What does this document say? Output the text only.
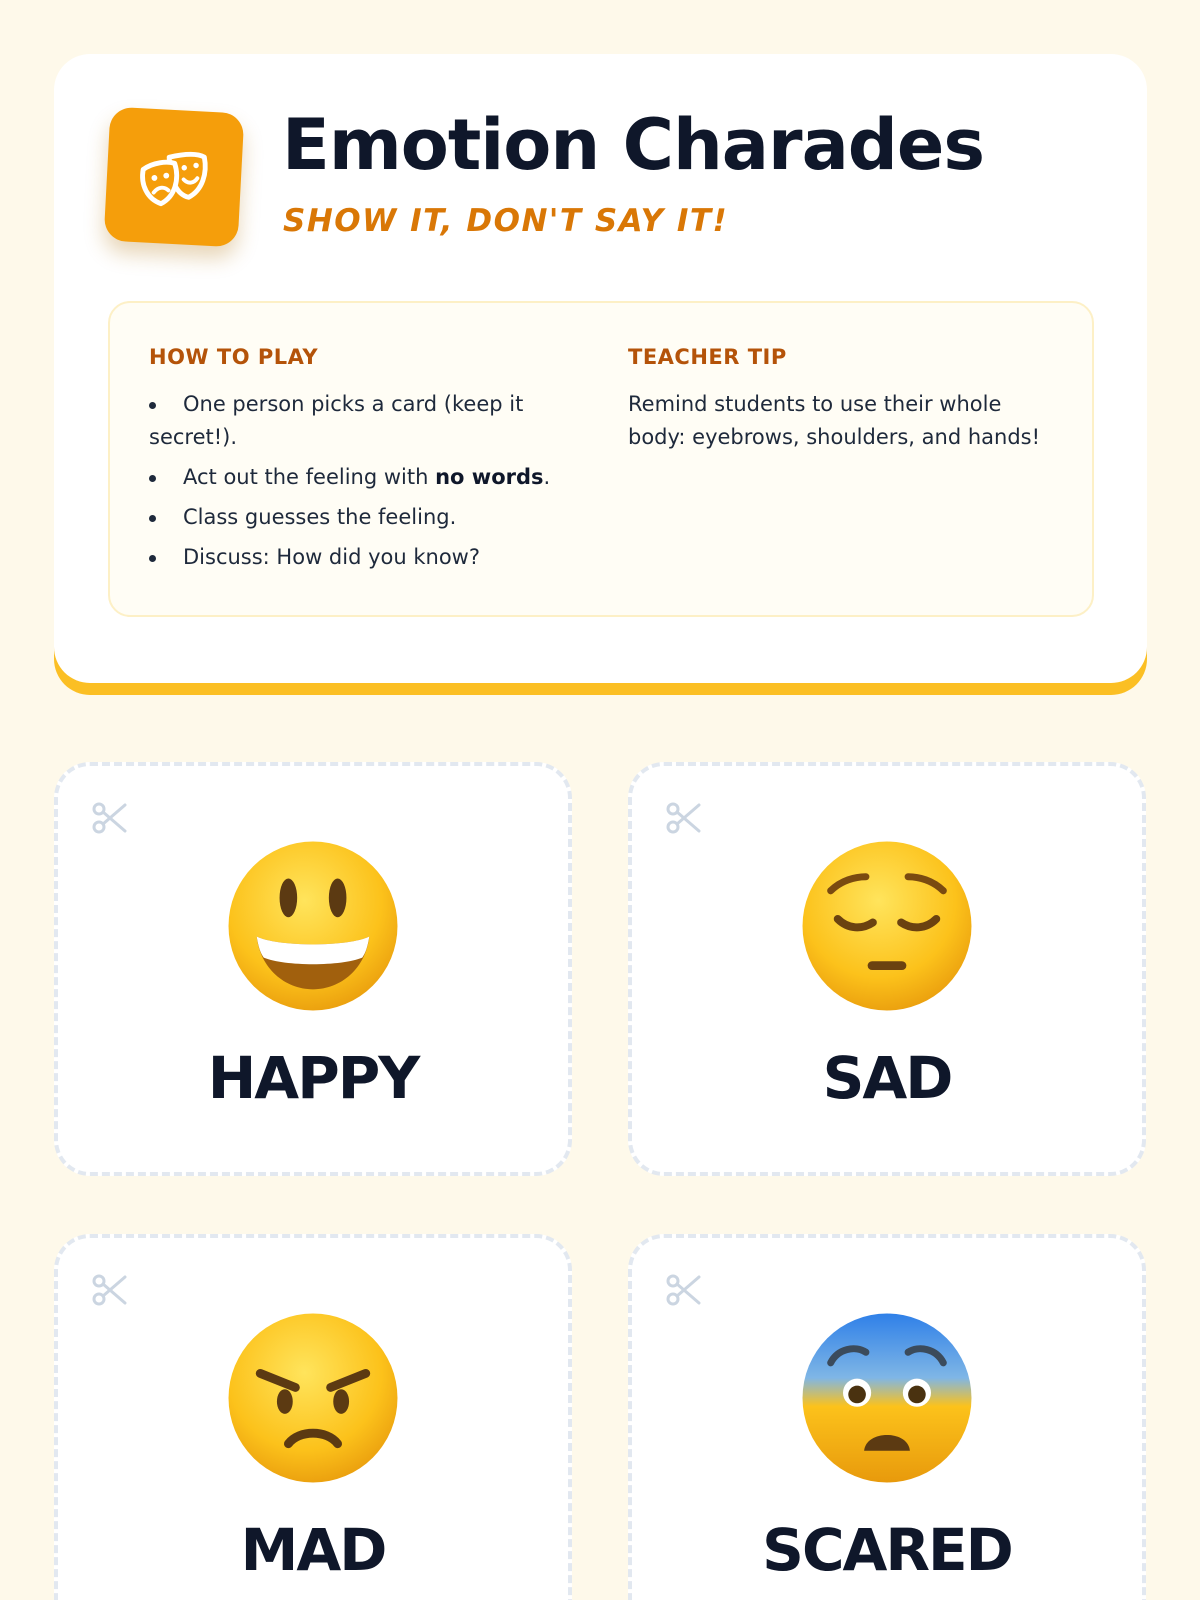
Emotion Charades
SHOW IT, DON'T SAY IT!
HOW TO PLAY
One person picks a card (keep it secret!).
Act out the feeling with no words.
Class guesses the feeling.
Discuss: How did you know?
TEACHER TIP
Remind students to use their whole body: eyebrows, shoulders, and hands!
HAPPY	SAD
MAD	SCARED
